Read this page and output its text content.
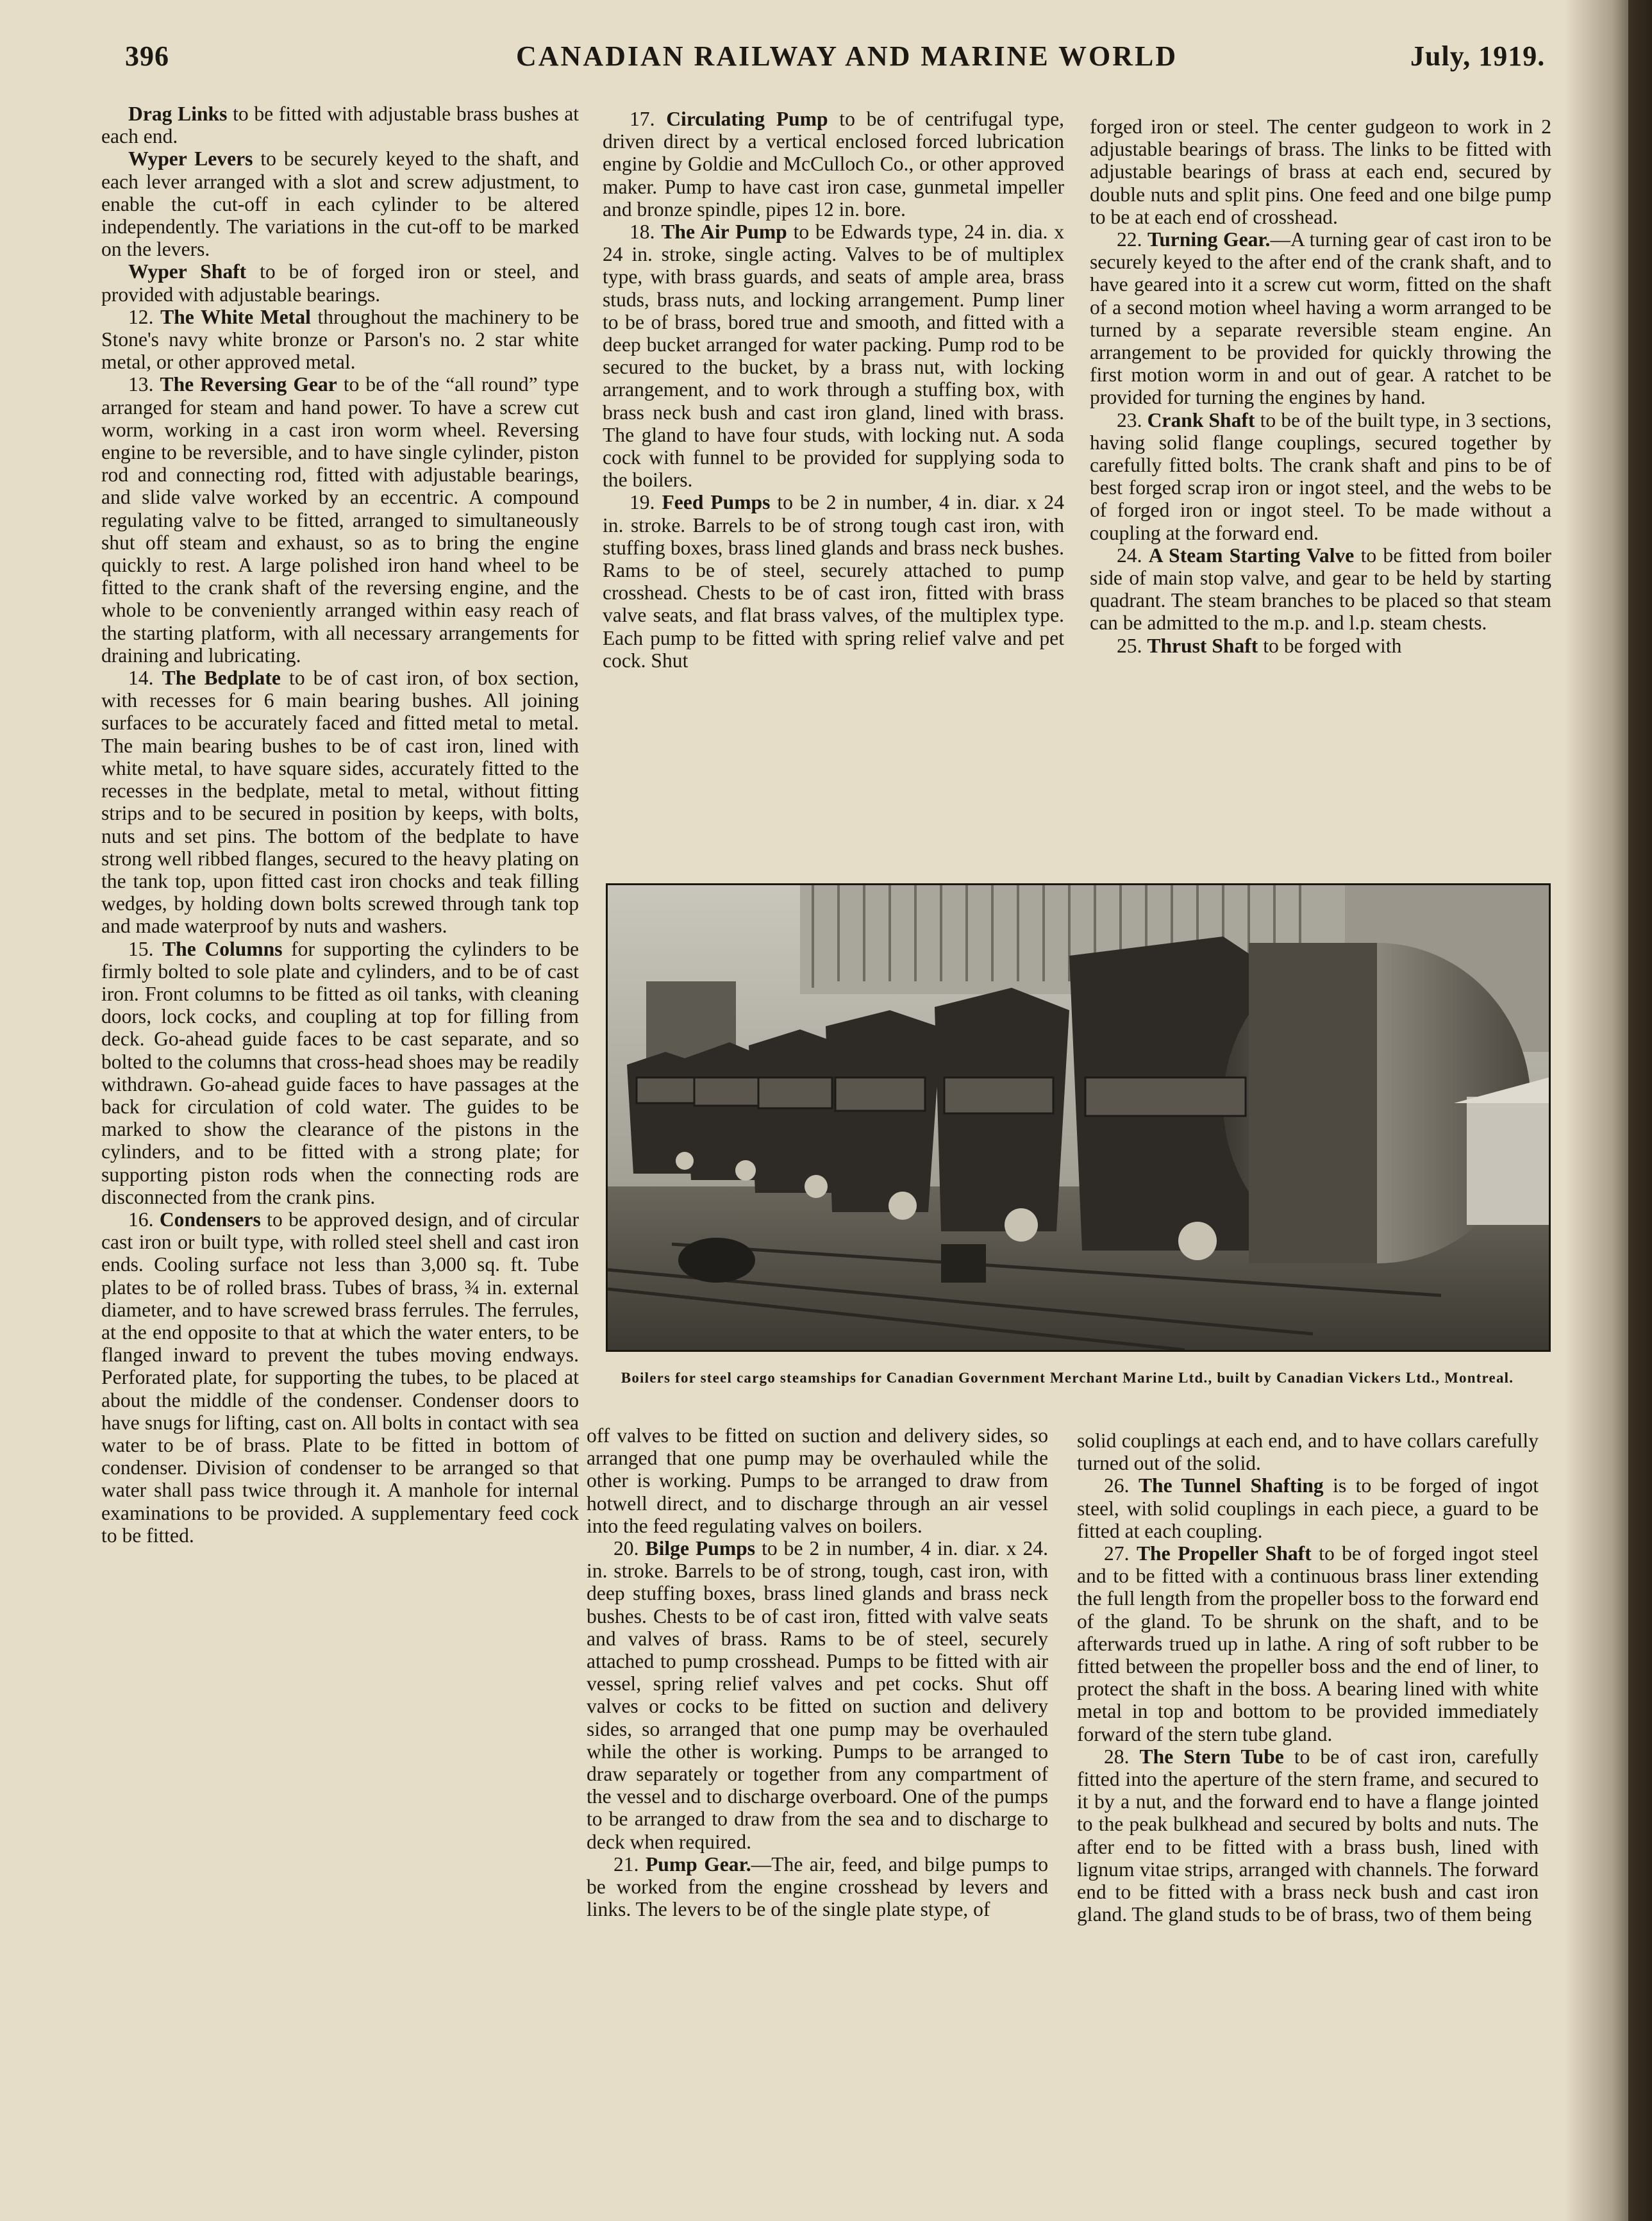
396	CANADIAN RAILWAY AND MARINE WORLD	July, 1919.

Drag Links to be fitted with adjustable brass bushes at each end.

Wyper Levers to be securely keyed to the shaft, and each lever arranged with a slot and screw adjustment, to enable the cut-off in each cylinder to be altered independently. The variations in the cut-off to be marked on the levers.

Wyper Shaft to be of forged iron or steel, and provided with adjustable bearings.

12. The White Metal throughout the machinery to be Stone's navy white bronze or Parson's no. 2 star white metal, or other approved metal.

13. The Reversing Gear to be of the “all round” type arranged for steam and hand power. To have a screw cut worm, working in a cast iron worm wheel. Reversing engine to be reversible, and to have single cylinder, piston rod and connecting rod, fitted with adjustable bearings, and slide valve worked by an eccentric. A compound regulating valve to be fitted, arranged to simultaneously shut off steam and exhaust, so as to bring the engine quickly to rest. A large polished iron hand wheel to be fitted to the crank shaft of the reversing engine, and the whole to be conveniently arranged within easy reach of the starting platform, with all necessary arrangements for draining and lubricating.

14. The Bedplate to be of cast iron, of box section, with recesses for 6 main bearing bushes. All joining surfaces to be accurately faced and fitted metal to metal. The main bearing bushes to be of cast iron, lined with white metal, to have square sides, accurately fitted to the recesses in the bedplate, metal to metal, without fitting strips and to be secured in position by keeps, with bolts, nuts and set pins. The bottom of the bedplate to have strong well ribbed flanges, secured to the heavy plating on the tank top, upon fitted cast iron chocks and teak filling wedges, by holding down bolts screwed through tank top and made waterproof by nuts and washers.

15. The Columns for supporting the cylinders to be firmly bolted to sole plate and cylinders, and to be of cast iron. Front columns to be fitted as oil tanks, with cleaning doors, lock cocks, and coupling at top for filling from deck. Go-ahead guide faces to be cast separate, and so bolted to the columns that cross-head shoes may be readily withdrawn. Go-ahead guide faces to have passages at the back for circulation of cold water. The guides to be marked to show the clearance of the pistons in the cylinders, and to be fitted with a strong plate; for supporting piston rods when the connecting rods are disconnected from the crank pins.

16. Condensers to be approved design, and of circular cast iron or built type, with rolled steel shell and cast iron ends. Cooling surface not less than 3,000 sq. ft. Tube plates to be of rolled brass. Tubes of brass, ¾ in. external diameter, and to have screwed brass ferrules. The ferrules, at the end opposite to that at which the water enters, to be flanged inward to prevent the tubes moving endways. Perforated plate, for supporting the tubes, to be placed at about the middle of the condenser. Condenser doors to have snugs for lifting, cast on. All bolts in contact with sea water to be of brass. Plate to be fitted in bottom of condenser. Division of condenser to be arranged so that water shall pass twice through it. A manhole for internal examinations to be provided. A supplementary feed cock to be fitted.

17. Circulating Pump to be of centrifugal type, driven direct by a vertical enclosed forced lubrication engine by Goldie and McCulloch Co., or other approved maker. Pump to have cast iron case, gunmetal impeller and bronze spindle, pipes 12 in. bore.

18. The Air Pump to be Edwards type, 24 in. dia. x 24 in. stroke, single acting. Valves to be of multiplex type, with brass guards, and seats of ample area, brass studs, brass nuts, and locking arrangement. Pump liner to be of brass, bored true and smooth, and fitted with a deep bucket arranged for water packing. Pump rod to be secured to the bucket, by a brass nut, with locking arrangement, and to work through a stuffing box, with brass neck bush and cast iron gland, lined with brass. The gland to have four studs, with locking nut. A soda cock with funnel to be provided for supplying soda to the boilers.

19. Feed Pumps to be 2 in number, 4 in. diar. x 24 in. stroke. Barrels to be of strong tough cast iron, with stuffing boxes, brass lined glands and brass neck bushes. Rams to be of steel, securely attached to pump crosshead. Chests to be of cast iron, fitted with brass valve seats, and flat brass valves, of the multiplex type. Each pump to be fitted with spring relief valve and pet cock. Shut

forged iron or steel. The center gudgeon to work in 2 adjustable bearings of brass. The links to be fitted with adjustable bearings of brass at each end, secured by double nuts and split pins. One feed and one bilge pump to be at each end of crosshead.

22. Turning Gear.—A turning gear of cast iron to be securely keyed to the after end of the crank shaft, and to have geared into it a screw cut worm, fitted on the shaft of a second motion wheel having a worm arranged to be turned by a separate reversible steam engine. An arrangement to be provided for quickly throwing the first motion worm in and out of gear. A ratchet to be provided for turning the engines by hand.

23. Crank Shaft to be of the built type, in 3 sections, having solid flange couplings, secured together by carefully fitted bolts. The crank shaft and pins to be of best forged scrap iron or ingot steel, and the webs to be of forged iron or ingot steel. To be made without a coupling at the forward end.

24. A Steam Starting Valve to be fitted from boiler side of main stop valve, and gear to be held by starting quadrant. The steam branches to be placed so that steam can be admitted to the m.p. and l.p. steam chests.

25. Thrust Shaft to be forged with

Boilers for steel cargo steamships for Canadian Government Merchant Marine Ltd., built by Canadian Vickers Ltd., Montreal.

off valves to be fitted on suction and delivery sides, so arranged that one pump may be overhauled while the other is working. Pumps to be arranged to draw from hotwell direct, and to discharge through an air vessel into the feed regulating valves on boilers.

20. Bilge Pumps to be 2 in number, 4 in. diar. x 24. in. stroke. Barrels to be of strong, tough, cast iron, with deep stuffing boxes, brass lined glands and brass neck bushes. Chests to be of cast iron, fitted with valve seats and valves of brass. Rams to be of steel, securely attached to pump crosshead. Pumps to be fitted with air vessel, spring relief valves and pet cocks. Shut off valves or cocks to be fitted on suction and delivery sides, so arranged that one pump may be overhauled while the other is working. Pumps to be arranged to draw separately or together from any compartment of the vessel and to discharge overboard. One of the pumps to be arranged to draw from the sea and to discharge to deck when required.

21. Pump Gear.—The air, feed, and bilge pumps to be worked from the engine crosshead by levers and links. The levers to be of the single plate stype, of

solid couplings at each end, and to have collars carefully turned out of the solid.

26. The Tunnel Shafting is to be forged of ingot steel, with solid couplings in each piece, a guard to be fitted at each coupling.

27. The Propeller Shaft to be of forged ingot steel and to be fitted with a continuous brass liner extending the full length from the propeller boss to the forward end of the gland. To be shrunk on the shaft, and to be afterwards trued up in lathe. A ring of soft rubber to be fitted between the propeller boss and the end of liner, to protect the shaft in the boss. A bearing lined with white metal in top and bottom to be provided immediately forward of the stern tube gland.

28. The Stern Tube to be of cast iron, carefully fitted into the aperture of the stern frame, and secured to it by a nut, and the forward end to have a flange jointed to the peak bulkhead and secured by bolts and nuts. The after end to be fitted with a brass bush, lined with lignum vitae strips, arranged with channels. The forward end to be fitted with a brass neck bush and cast iron gland. The gland studs to be of brass, two of them being
